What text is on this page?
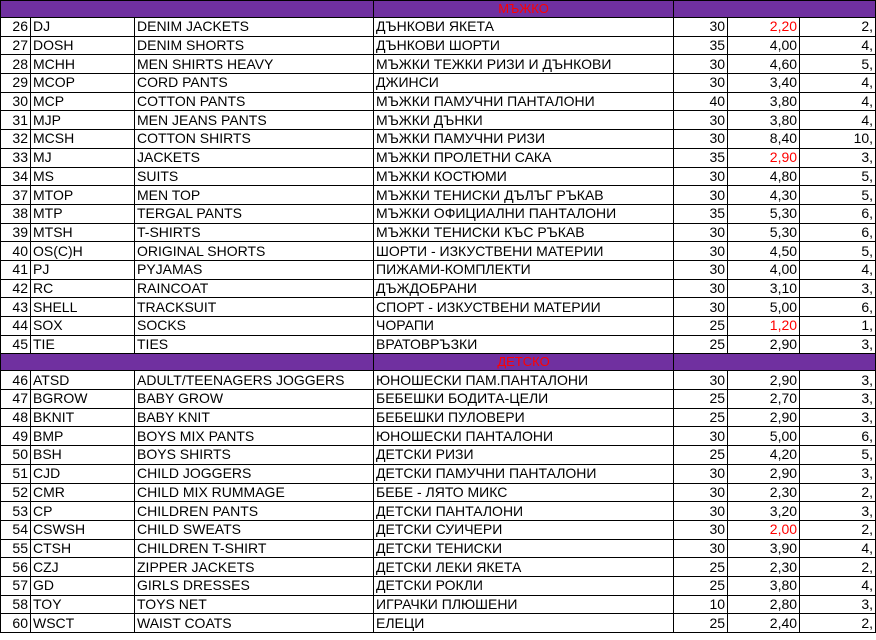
			МЪЖКО			
26	DJ	DENIM JACKETS	ДЪНКОВИ ЯКЕТА	30	2,20	2,
27	DOSH	DENIM SHORTS	ДЪНКОВИ ШОРТИ	35	4,00	4,
28	MCHH	MEN SHIRTS HEAVY	МЪЖКИ ТЕЖКИ РИЗИ И ДЪНКОВИ	30	4,60	5,
29	MCOP	CORD PANTS	ДЖИНСИ	30	3,40	4,
30	MCP	COTTON PANTS	МЪЖКИ ПАМУЧНИ ПАНТАЛОНИ	40	3,80	4,
31	MJP	MEN JEANS PANTS	МЪЖКИ ДЪНКИ	30	3,80	4,
32	MCSH	COTTON SHIRTS	МЪЖКИ ПАМУЧНИ РИЗИ	30	8,40	10,
33	MJ	JACKETS	МЪЖКИ ПРОЛЕТНИ САКА	35	2,90	3,
34	MS	SUITS	МЪЖКИ КОСТЮМИ	30	4,80	5,
37	MTOP	MEN TOP	МЪЖКИ ТЕНИСКИ ДЪЛЪГ РЪКАВ	30	4,30	5,
38	MTP	TERGAL PANTS	МЪЖКИ ОФИЦИАЛНИ ПАНТАЛОНИ	35	5,30	6,
39	MTSH	T-SHIRTS	МЪЖКИ ТЕНИСКИ КЪС РЪКАВ	30	5,30	6,
40	OS(C)H	ORIGINAL SHORTS	ШОРТИ - ИЗКУСТВЕНИ МАТЕРИИ	30	4,50	5,
41	PJ	PYJAMAS	ПИЖАМИ-КОМПЛЕКТИ	30	4,00	4,
42	RC	RAINCOAT	ДЪЖДОБРАНИ	30	3,10	3,
43	SHELL	TRACKSUIT	СПОРТ - ИЗКУСТВЕНИ МАТЕРИИ	30	5,00	6,
44	SOX	SOCKS	ЧОРАПИ	25	1,20	1,
45	TIE	TIES	ВРАТОВРЪЗКИ	25	2,90	3,
			ДЕТСКО			
46	ATSD	ADULT/TEENAGERS JOGGERS	ЮНОШЕСКИ ПАМ.ПАНТАЛОНИ	30	2,90	3,
47	BGROW	BABY GROW	БЕБЕШКИ БОДИТА-ЦЕЛИ	25	2,70	3,
48	BKNIT	BABY KNIT	БЕБЕШКИ ПУЛОВЕРИ	25	2,90	3,
49	BMP	BOYS MIX PANTS	ЮНОШЕСКИ ПАНТАЛОНИ	30	5,00	6,
50	BSH	BOYS SHIRTS	ДЕТСКИ РИЗИ	25	4,20	5,
51	CJD	CHILD JOGGERS	ДЕТСКИ ПАМУЧНИ ПАНТАЛОНИ	30	2,90	3,
52	CMR	CHILD MIX RUMMAGE	БЕБЕ - ЛЯТО МИКС	30	2,30	2,
53	CP	CHILDREN PANTS	ДЕТСКИ ПАНТАЛОНИ	30	3,20	3,
54	CSWSH	CHILD SWEATS	ДЕТСКИ СУИЧЕРИ	30	2,00	2,
55	CTSH	CHILDREN T-SHIRT	ДЕТСКИ ТЕНИСКИ	30	3,90	4,
56	CZJ	ZIPPER JACKETS	ДЕТСКИ ЛЕКИ ЯКЕТА	25	2,30	2,
57	GD	GIRLS DRESSES	ДЕТСКИ РОКЛИ	25	3,80	4,
58	TOY	TOYS NET	ИГРАЧКИ ПЛЮШЕНИ	10	2,80	3,
60	WSCT	WAIST COATS	ЕЛЕЦИ	25	2,40	2,
